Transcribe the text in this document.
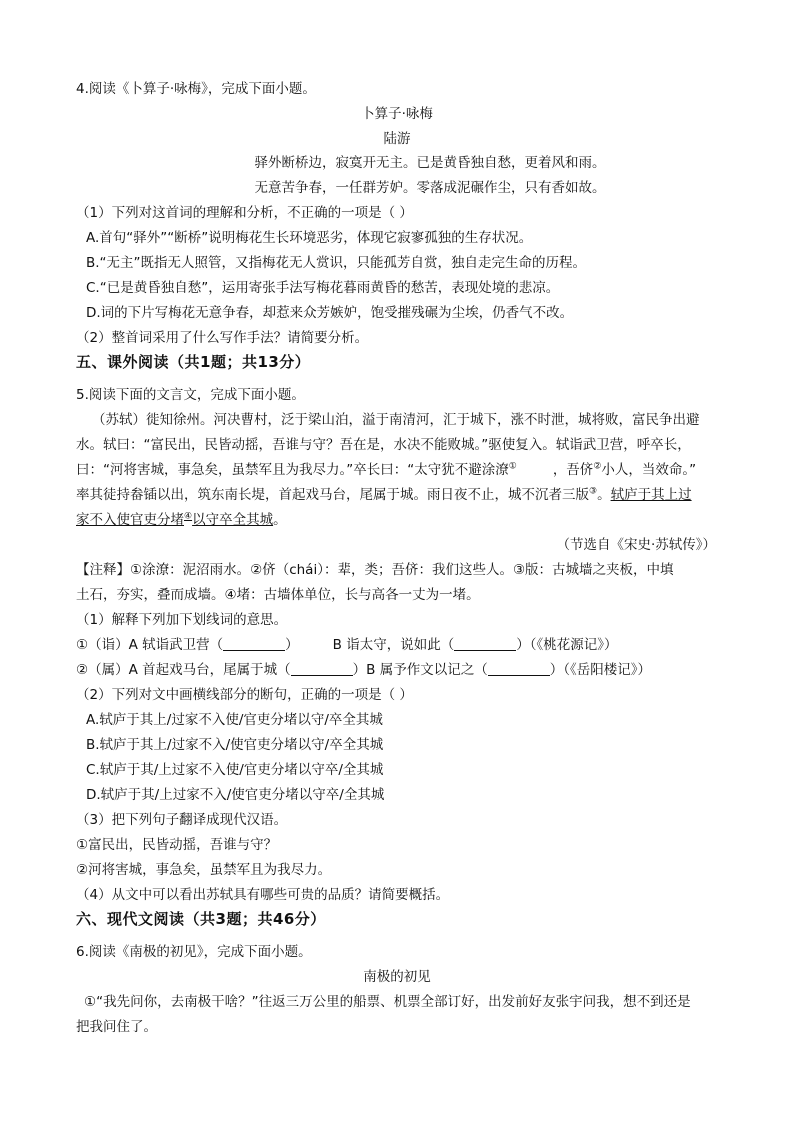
4.阅读《卜算子·咏梅》，完成下面小题。
卜算子·咏梅
陆游
驿外断桥边，寂寞开无主。已是黄昏独自愁，更着风和雨。
无意苦争春，一任群芳妒。零落成泥碾作尘，只有香如故。
（1）下列对这首词的理解和分析，不正确的一项是（ ）
A.首句“驿外”“断桥”说明梅花生长环境恶劣，体现它寂寥孤独的生存状况。
B.“无主”既指无人照管，又指梅花无人赏识，只能孤芳自赏，独自走完生命的历程。
C.“已是黄昏独自愁”，运用寄张手法写梅花暮雨黄昏的愁苦，表现处境的悲凉。
D.词的下片写梅花无意争春，却惹来众芳嫉妒，饱受摧残碾为尘埃，仍香气不改。
（2）整首词采用了什么写作手法？请简要分析。
五、课外阅读（共1题；共13分）
5.阅读下面的文言文，完成下面小题。
（苏轼）徙知徐州。河决曹村，泛于梁山泊，溢于南清河，汇于城下，涨不时泄，城将败，富民争出避
水。轼曰：“富民出，民皆动摇，吾谁与守？吾在是，水决不能败城。”驱使复入。轼诣武卫营，呼卒长，
曰：“河将害城，事急矣，虽禁军且为我尽力。”卒长曰：“太守犹不避涂潦①	，吾侪②小人，当效命。”
率其徒持畚锸以出，筑东南长堤，首起戏马台，尾属于城。雨日夜不止，城不沉者三版③。轼庐于其上过
家不入使官吏分堵④以守卒全其城。
（节选自《宋史·苏轼传》）
【注释】①涂潦：泥沼雨水。②侪（chái）：辈，类；吾侪：我们这些人。③版：古城墙之夹板，中填
土石，夯实，叠而成墙。④堵：古墙体单位，长与高各一丈为一堵。
（1）解释下列加下划线词的意思。
①（诣）A 轼诣武卫营（	）	B 诣太守，说如此（	）（《桃花源记》）
②（属）A 首起戏马台，尾属于城（	）B 属予作文以记之（	）（《岳阳楼记》）
（2）下列对文中画横线部分的断句，正确的一项是（ ）
A.轼庐于其上/过家不入使/官吏分堵以守/卒全其城
B.轼庐于其上/过家不入/使官吏分堵以守/卒全其城
C.轼庐于其/上过家不入使/官吏分堵以守卒/全其城
D.轼庐于其/上过家不入/使官吏分堵以守卒/全其城
（3）把下列句子翻译成现代汉语。
①富民出，民皆动摇，吾谁与守？
②河将害城，事急矣，虽禁军且为我尽力。
（4）从文中可以看出苏轼具有哪些可贵的品质？请简要概括。
六、现代文阅读（共3题；共46分）
6.阅读《南极的初见》，完成下面小题。
南极的初见
①“我先问你，去南极干啥？”往返三万公里的船票、机票全部订好，出发前好友张宇问我，想不到还是
把我问住了。
